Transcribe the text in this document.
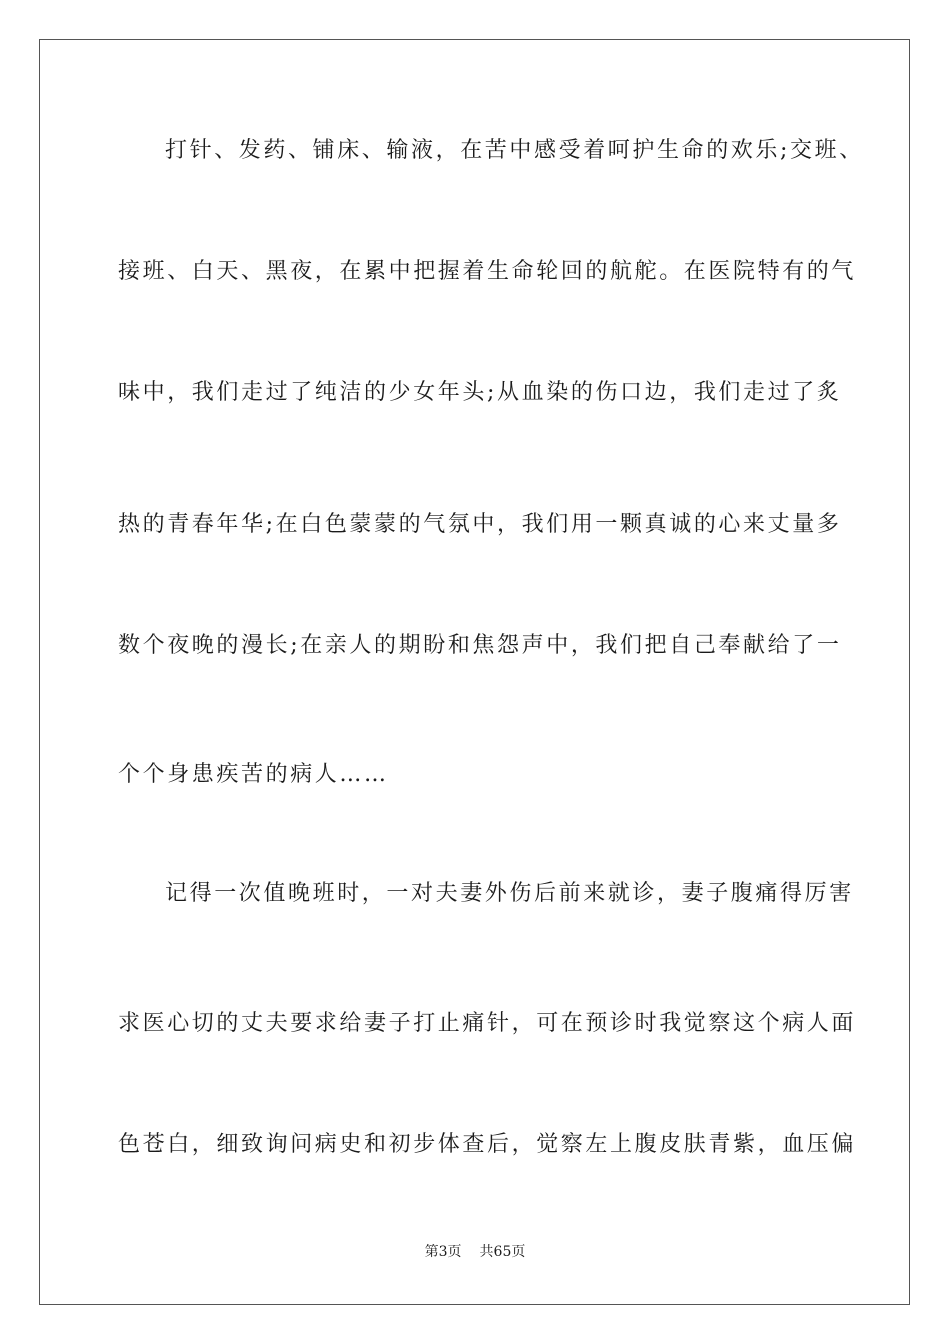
打针、发药、铺床、输液，在苦中感受着呵护生命的欢乐;交班、

接班、白天、黑夜，在累中把握着生命轮回的航舵。在医院特有的气

味中，我们走过了纯洁的少女年头;从血染的伤口边，我们走过了炙

热的青春年华;在白色蒙蒙的气氛中，我们用一颗真诚的心来丈量多

数个夜晚的漫长;在亲人的期盼和焦怨声中，我们把自己奉献给了一

个个身患疾苦的病人……

记得一次值晚班时，一对夫妻外伤后前来就诊，妻子腹痛得厉害

求医心切的丈夫要求给妻子打止痛针，可在预诊时我觉察这个病人面

色苍白，细致询问病史和初步体查后，觉察左上腹皮肤青紫，血压偏

第3页 共65页
